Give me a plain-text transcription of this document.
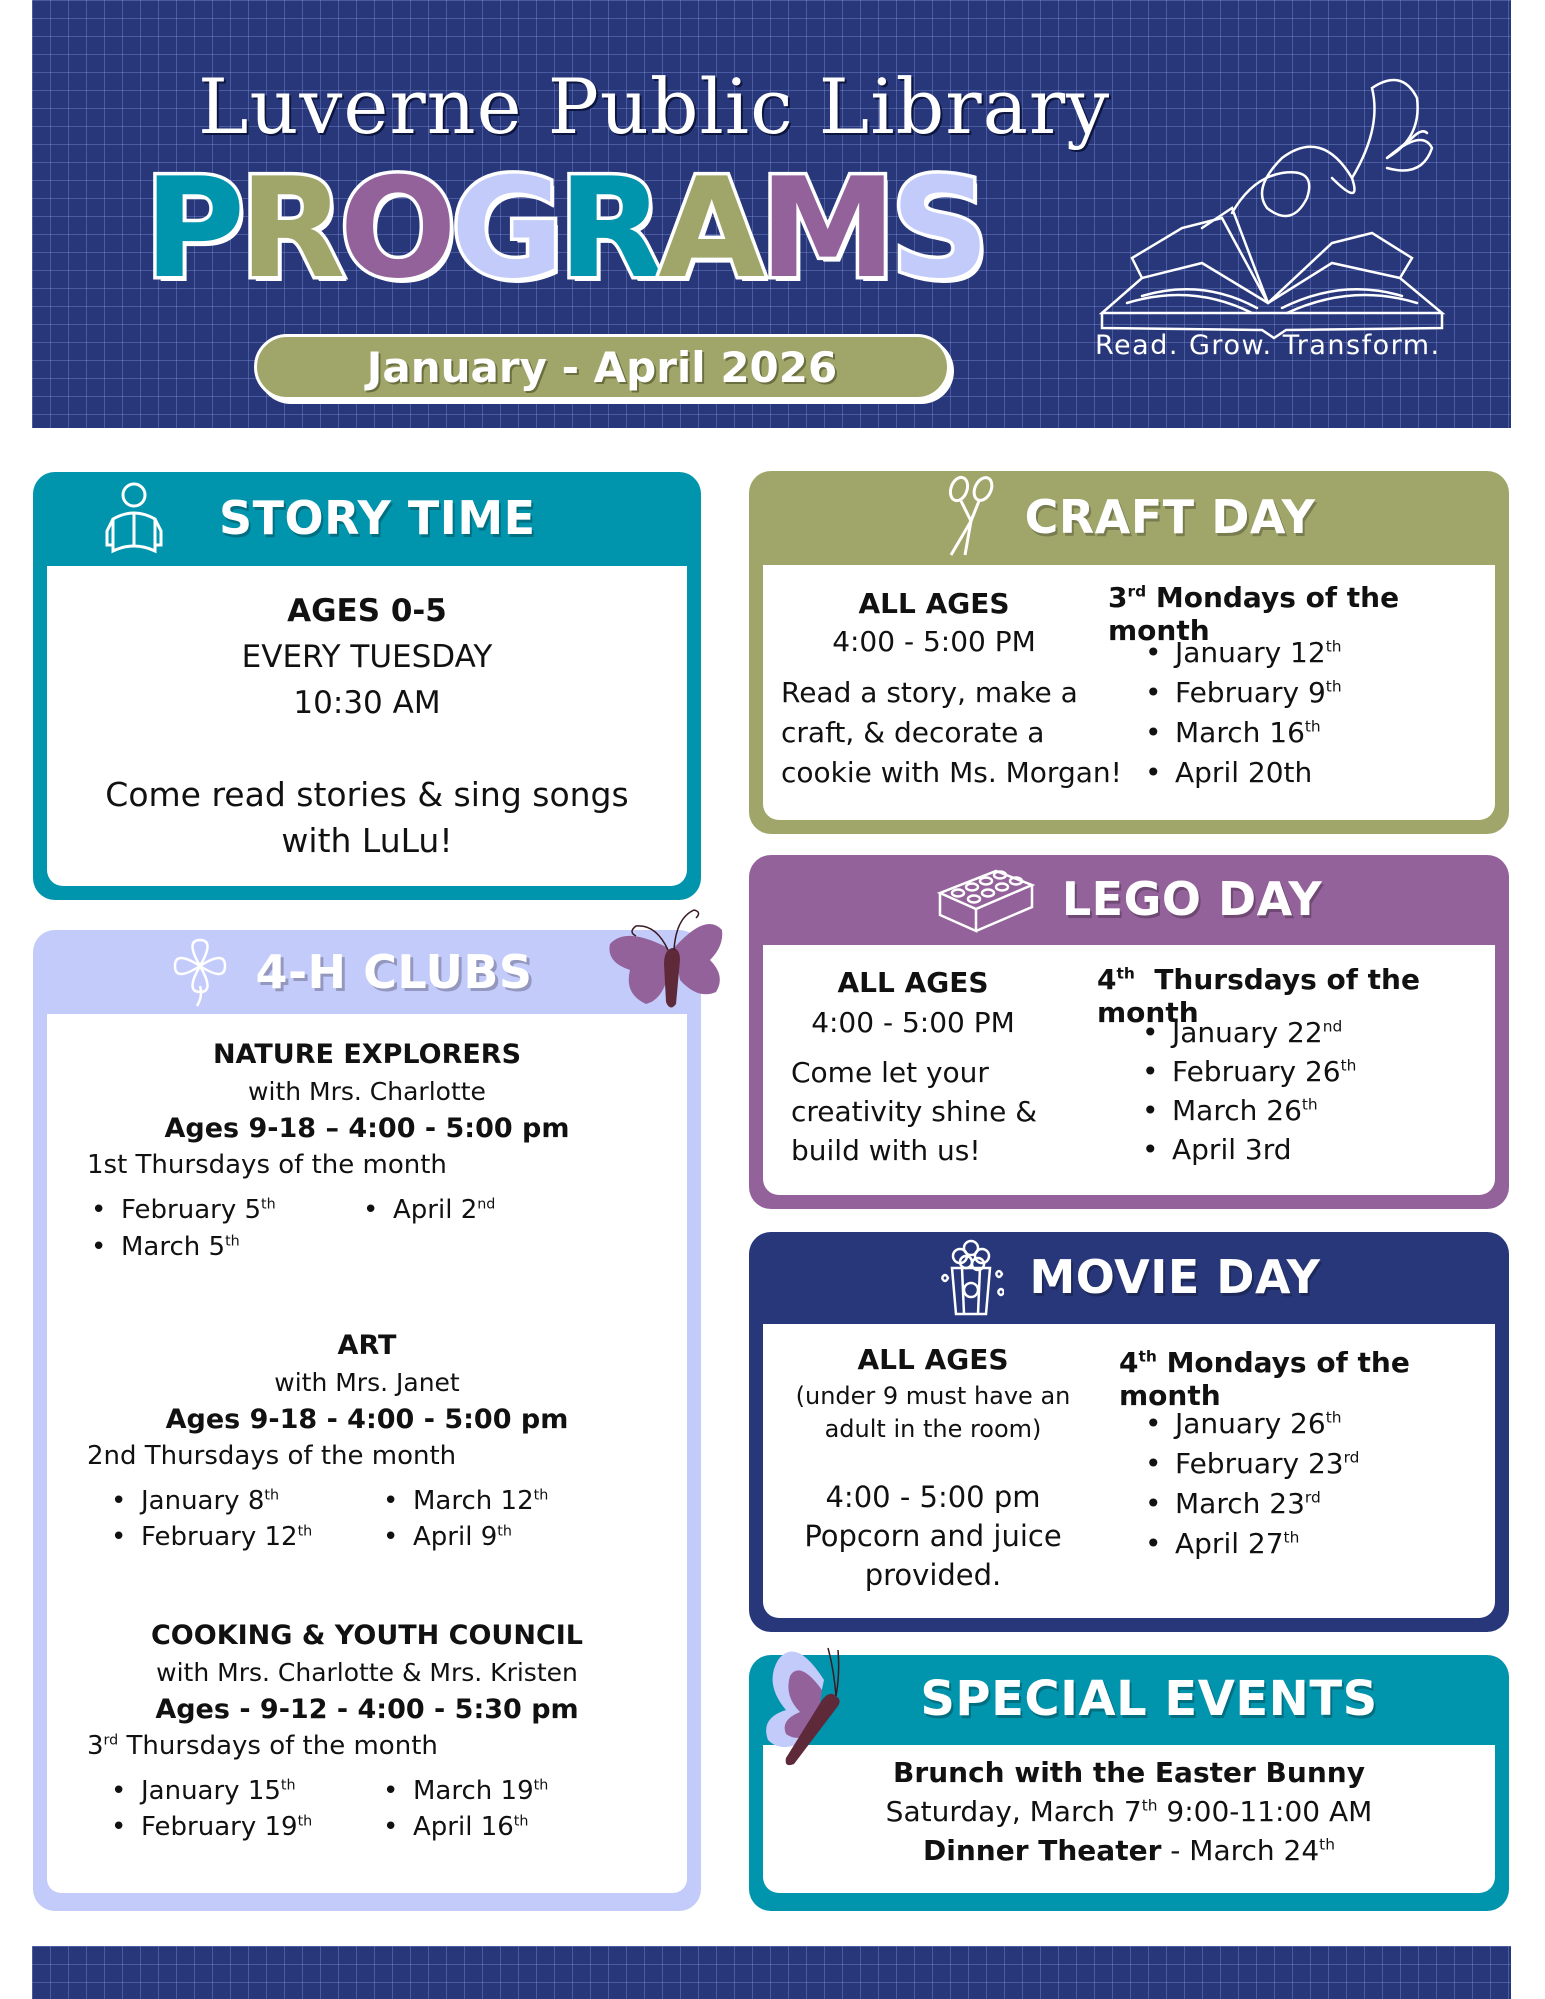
Luverne Public Library
P
R
O
G
R
A
M
S
January - April 2026	Read. Grow. Transform.
STORY TIME
AGES 0-5
EVERY TUESDAY
10:30 AM
Come read stories & sing songs
with LuLu!
CRAFT DAY
ALL AGES
4:00 - 5:00 PM
Read a story, make a
craft, & decorate a
cookie with Ms. Morgan!
3rd Mondays of the month
• January 12th
• February 9th
• March 16th
• April 20th
LEGO DAY
ALL AGES
4:00 - 5:00 PM
Come let your
creativity shine &
build with us!
4th Thursdays of the month
• January 22nd
• February 26th
• March 26th
• April 3rd
MOVIE DAY
ALL AGES
(under 9 must have an
adult in the room)
4:00 - 5:00 pm
Popcorn and juice
provided.
4th Mondays of the month
• January 26th
• February 23rd
• March 23rd
• April 27th
SPECIAL EVENTS
Brunch with the Easter Bunny
Saturday, March 7th 9:00-11:00 AM
Dinner Theater - March 24th
4-H CLUBS
NATURE EXPLORERS
with Mrs. Charlotte
Ages 9-18 – 4:00 - 5:00 pm
1st Thursdays of the month
• February 5th
• March 5th
• April 2nd
ART
with Mrs. Janet
Ages 9-18 - 4:00 - 5:00 pm
2nd Thursdays of the month
• January 8th
• February 12th
• March 12th
• April 9th
COOKING & YOUTH COUNCIL
with Mrs. Charlotte & Mrs. Kristen
Ages - 9-12 - 4:00 - 5:30 pm
3rd Thursdays of the month
• January 15th
• February 19th
• March 19th
• April 16th
